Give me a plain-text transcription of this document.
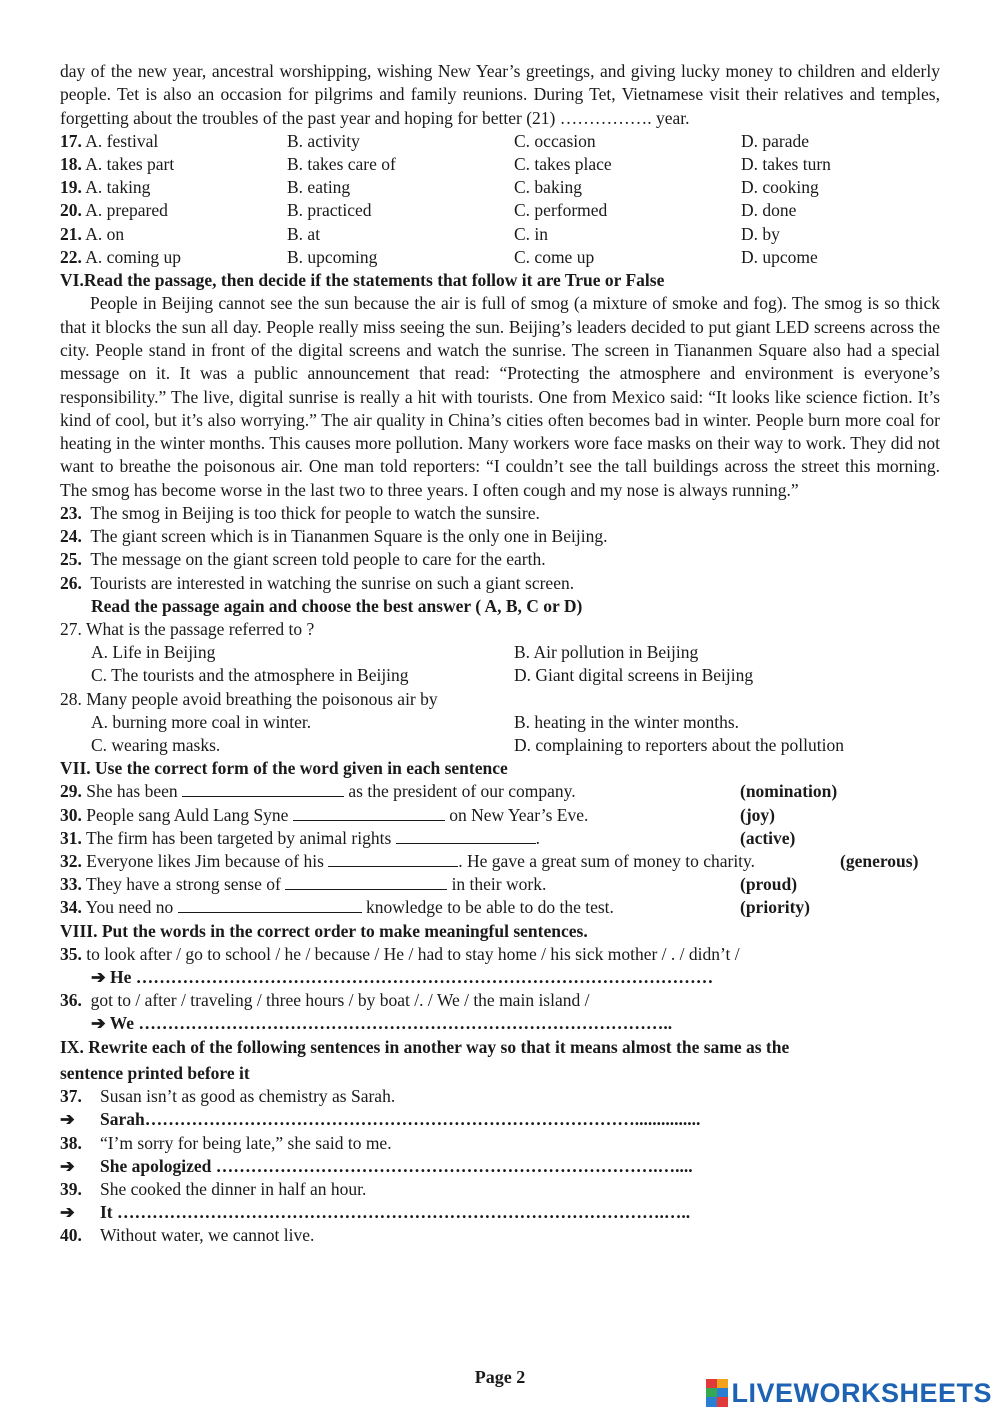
day of the new year, ancestral worshipping, wishing New Year’s greetings, and giving lucky money to children and elderly people. Tet is also an occasion for pilgrims and family reunions. During Tet, Vietnamese visit their relatives and temples, forgetting about the troubles of the past year and hoping for better (21) ……………. year.

17. A. festival	B. activity	C. occasion	D. parade
18. A. takes part	B. takes care of	C. takes place	D. takes turn
19. A. taking	B. eating	C. baking	D. cooking
20. A. prepared	B. practiced	C. performed	D. done
21. A. on	B. at	C. in	D. by
22. A. coming up	B. upcoming	C. come up	D. upcome
VI.Read the passage, then decide if the statements that follow it are True or False

People in Beijing cannot see the sun because the air is full of smog (a mixture of smoke and fog). The smog is so thick that it blocks the sun all day. People really miss seeing the sun. Beijing’s leaders decided to put giant LED screens across the city. People stand in front of the digital screens and watch the sunrise. The screen in Tiananmen Square also had a special message on it. It was a public announcement that read: “Protecting the atmosphere and environment is everyone’s responsibility.” The live, digital sunrise is really a hit with tourists. One from Mexico said: “It looks like science fiction. It’s kind of cool, but it’s also worrying.” The air quality in China’s cities often becomes bad in winter. People burn more coal for heating in the winter months. This causes more pollution. Many workers wore face masks on their way to work. They did not want to breathe the poisonous air. One man told reporters: “I couldn’t see the tall buildings across the street this morning. The smog has become worse in the last two to three years. I often cough and my nose is always running.”

23. The smog in Beijing is too thick for people to watch the sunsire.
24. The giant screen which is in Tiananmen Square is the only one in Beijing.
25. The message on the giant screen told people to care for the earth.
26. Tourists are interested in watching the sunrise on such a giant screen.
Read the passage again and choose the best answer ( A, B, C or D)
27. What is the passage referred to ?
A. Life in Beijing	B. Air pollution in Beijing
C. The tourists and the atmosphere in Beijing	D. Giant digital screens in Beijing
28. Many people avoid breathing the poisonous air by
A. burning more coal in winter.	B. heating in the winter months.
C. wearing masks.	D. complaining to reporters about the pollution
VII. Use the correct form of the word given in each sentence
29. She has been	as the president of our company.	(nomination)
30. People sang Auld Lang Syne	on New Year’s Eve.	(joy)
31. The firm has been targeted by animal rights	.	(active)
32. Everyone likes Jim because of his	. He gave a great sum of money to charity.	(generous)
33. They have a strong sense of	in their work.	(proud)
34. You need no	knowledge to be able to do the test.	(priority)
VIII. Put the words in the correct order to make meaningful sentences.
35. to look after / go to school / he / because / He / had to stay home / his sick mother / . / didn’t /
➔ He ………………………………………………………………………………………
36. got to / after / traveling / three hours / by boat /. / We / the main island /
➔ We ………………………………………………………………………………..
IX. Rewrite each of the following sentences in another way so that it means almost the same as the
sentence printed before it
37.	Susan isn’t as good as chemistry as Sarah.
➔	Sarah…………………………………………………………………………...............
38.	“I’m sorry for being late,” she said to me.
➔	She apologized ………………………………………………………………….…....
39.	She cooked the dinner in half an hour.
➔	It ………………………………………………………………………………….…..
40.	Without water, we cannot live.
Page 2
LIVEWORKSHEETS
